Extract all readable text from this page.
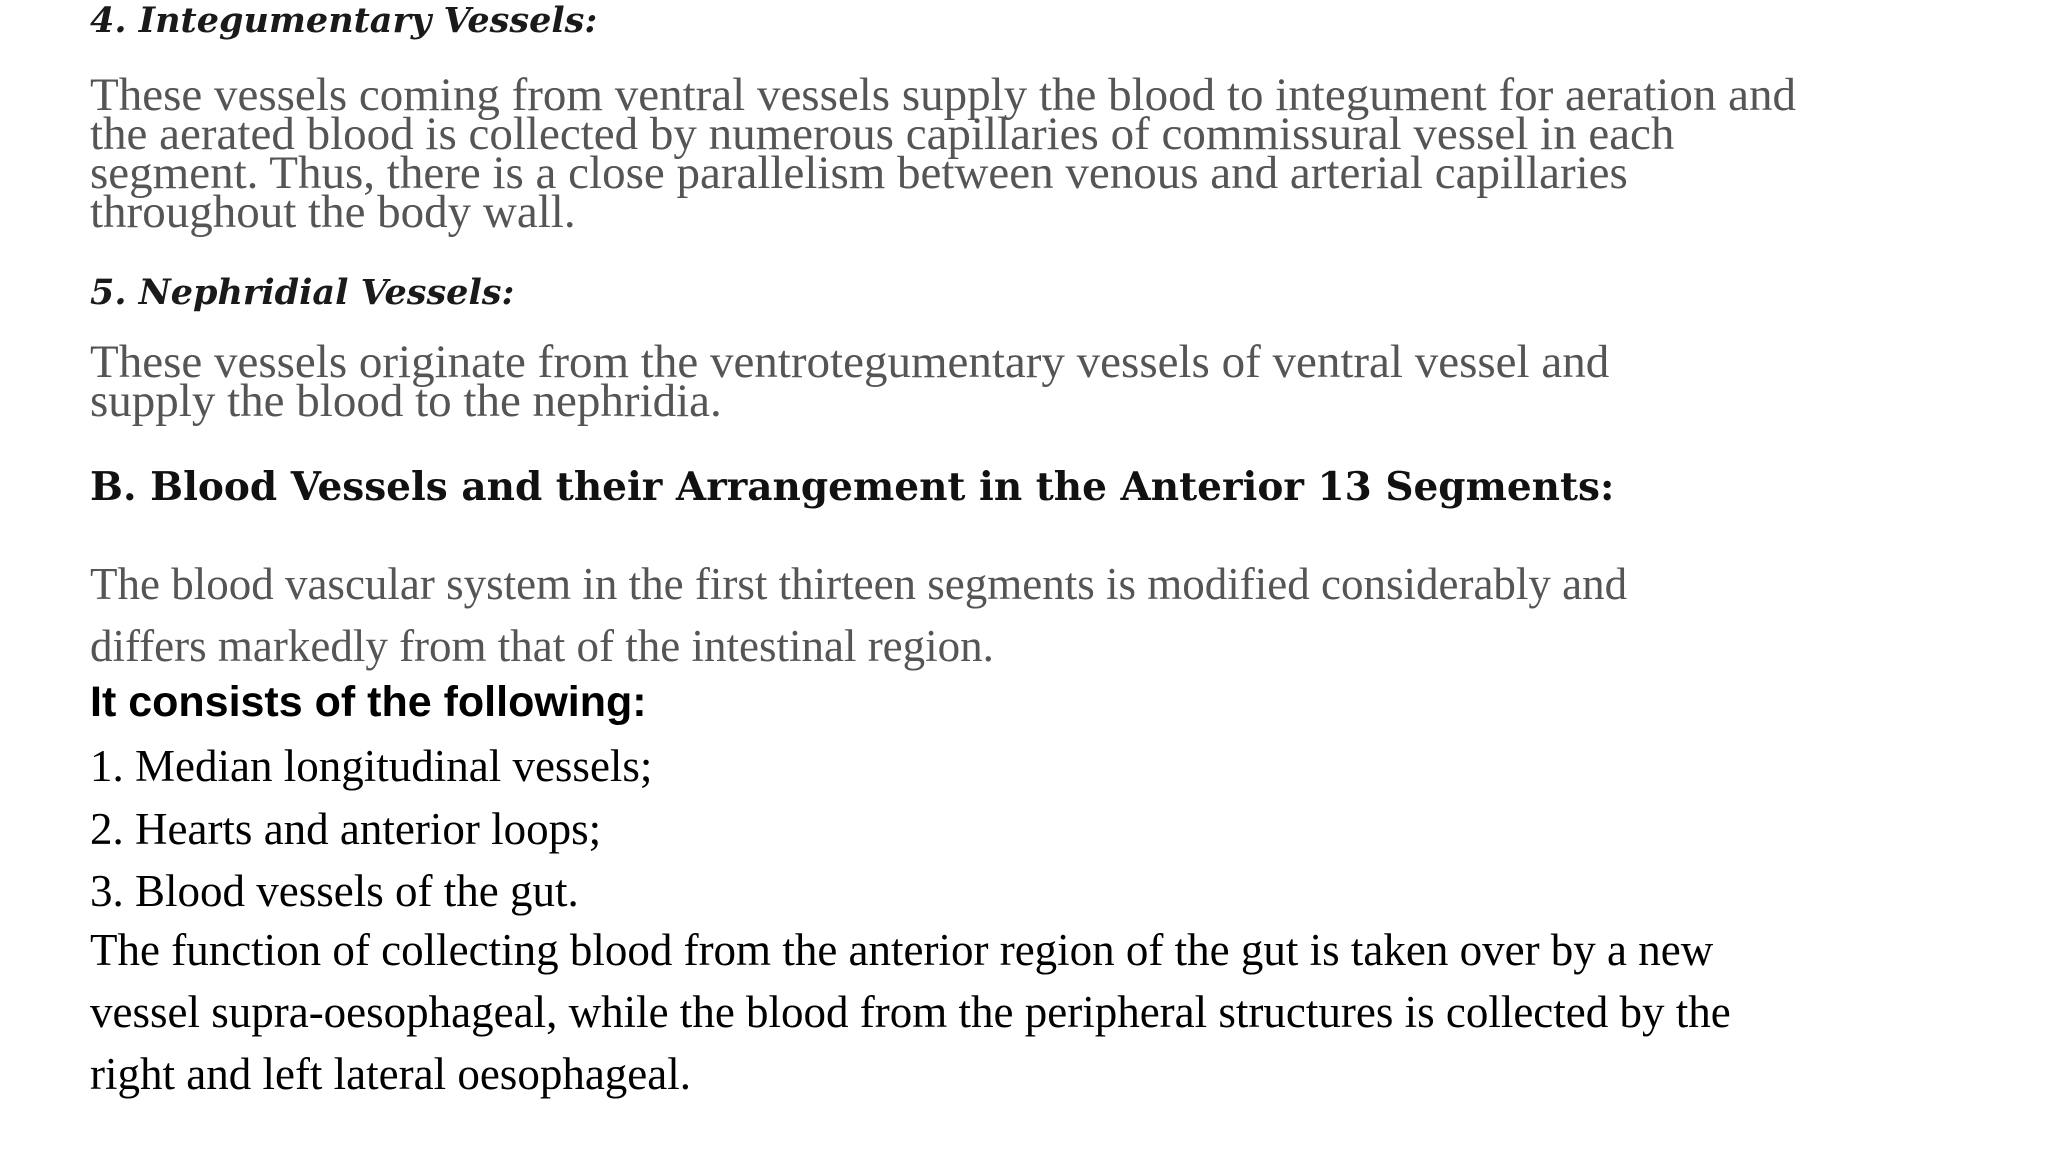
4. Integumentary Vessels:
These vessels coming from ventral vessels supply the blood to integument for aeration and
the aerated blood is collected by numerous capillaries of commissural vessel in each
segment. Thus, there is a close parallelism between venous and arterial capillaries
throughout the body wall.
5. Nephridial Vessels:
These vessels originate from the ventrotegumentary vessels of ventral vessel and
supply the blood to the nephridia.
B. Blood Vessels and their Arrangement in the Anterior 13 Segments:
The blood vascular system in the first thirteen segments is modified considerably and
differs markedly from that of the intestinal region.
It consists of the following:
1. Median longitudinal vessels;
2. Hearts and anterior loops;
3. Blood vessels of the gut.
The function of collecting blood from the anterior region of the gut is taken over by a new
vessel supra-oesophageal, while the blood from the peripheral structures is collected by the
right and left lateral oesophageal.
